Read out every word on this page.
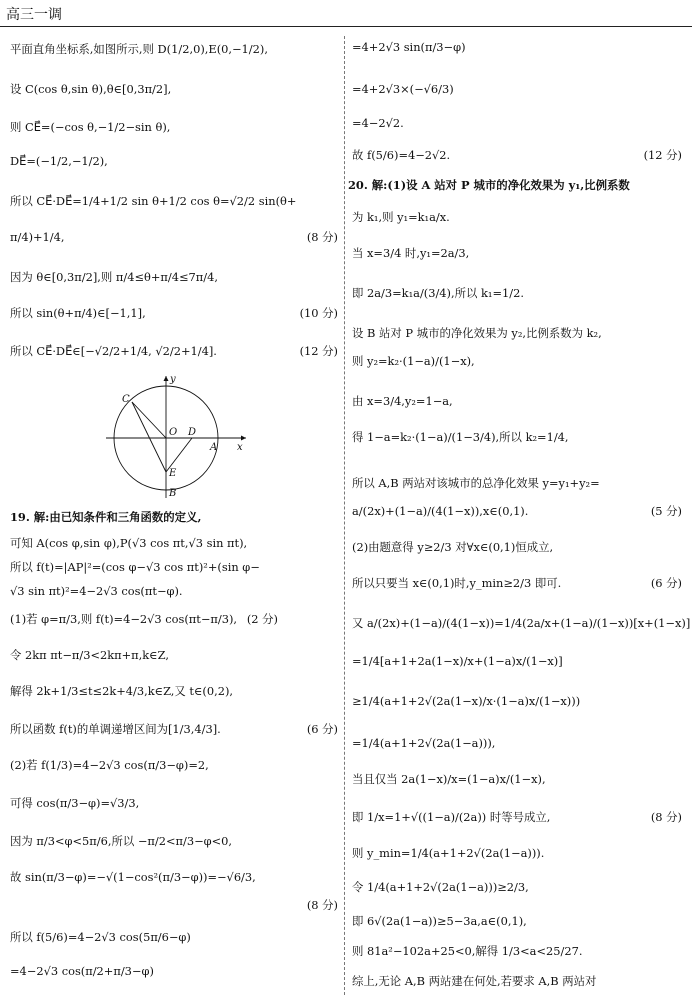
高三一调
平面直角坐标系,如图所示,则 D(1/2,0),E(0,−1/2),
设 C(cos θ,sin θ),θ∈[0,3π/2],
则 CE⃗=(−cos θ,−1/2−sin θ),
DE⃗=(−1/2,−1/2),
所以 CE⃗·DE⃗=1/4+1/2 sin θ+1/2 cos θ=√2/2 sin(θ+
π/4)+1/4,	(8 分)
因为 θ∈[0,3π/2],则 π/4≤θ+π/4≤7π/4,
所以 sin(θ+π/4)∈[−1,1],	(10 分)
所以 CE⃗·DE⃗∈[−√2/2+1/4, √2/2+1/4].	(12 分)
19. 解:由已知条件和三角函数的定义,
可知 A(cos φ,sin φ),P(√3 cos πt,√3 sin πt),
所以 f(t)=|AP|²=(cos φ−√3 cos πt)²+(sin φ−
√3 sin πt)²=4−2√3 cos(πt−φ).
(1)若 φ=π/3,则 f(t)=4−2√3 cos(πt−π/3), (2 分)
令 2kπ πt−π/3<2kπ+π,k∈Z,
解得 2k+1/3≤t≤2k+4/3,k∈Z,又 t∈(0,2),
所以函数 f(t)的单调递增区间为[1/3,4/3].	(6 分)
(2)若 f(1/3)=4−2√3 cos(π/3−φ)=2,
可得 cos(π/3−φ)=√3/3,
因为 π/3<φ<5π/6,所以 −π/2<π/3−φ<0,
故 sin(π/3−φ)=−√(1−cos²(π/3−φ))=−√6/3,
(8 分)
所以 f(5/6)=4−2√3 cos(5π/6−φ)
=4−2√3 cos(π/2+π/3−φ)
y
C
O D
A x
E
B
=4+2√3 sin(π/3−φ)
=4+2√3×(−√6/3)
=4−2√2.
故 f(5/6)=4−2√2.	(12 分)
20. 解:(1)设 A 站对 P 城市的净化效果为 y₁,比例系数
为 k₁,则 y₁=k₁a/x.
当 x=3/4 时,y₁=2a/3,
即 2a/3=k₁a/(3/4),所以 k₁=1/2.
设 B 站对 P 城市的净化效果为 y₂,比例系数为 k₂,
则 y₂=k₂·(1−a)/(1−x),
由 x=3/4,y₂=1−a,
得 1−a=k₂·(1−a)/(1−3/4),所以 k₂=1/4,
所以 A,B 两站对该城市的总净化效果 y=y₁+y₂=
a/(2x)+(1−a)/(4(1−x)),x∈(0,1).	(5 分)
(2)由题意得 y≥2/3 对∀x∈(0,1)恒成立,
所以只要当 x∈(0,1)时,y_min≥2/3 即可.	(6 分)
又 a/(2x)+(1−a)/(4(1−x))=1/4(2a/x+(1−a)/(1−x))[x+(1−x)]
=1/4[a+1+2a(1−x)/x+(1−a)x/(1−x)]
≥1/4(a+1+2√(2a(1−x)/x·(1−a)x/(1−x)))
=1/4(a+1+2√(2a(1−a))),
当且仅当 2a(1−x)/x=(1−a)x/(1−x),
即 1/x=1+√((1−a)/(2a)) 时等号成立,	(8 分)
则 y_min=1/4(a+1+2√(2a(1−a))).
令 1/4(a+1+2√(2a(1−a)))≥2/3,
即 6√(2a(1−a))≥5−3a,a∈(0,1),
则 81a²−102a+25<0,解得 1/3<a<25/27.
综上,无论 A,B 两站建在何处,若要求 A,B 两站对
